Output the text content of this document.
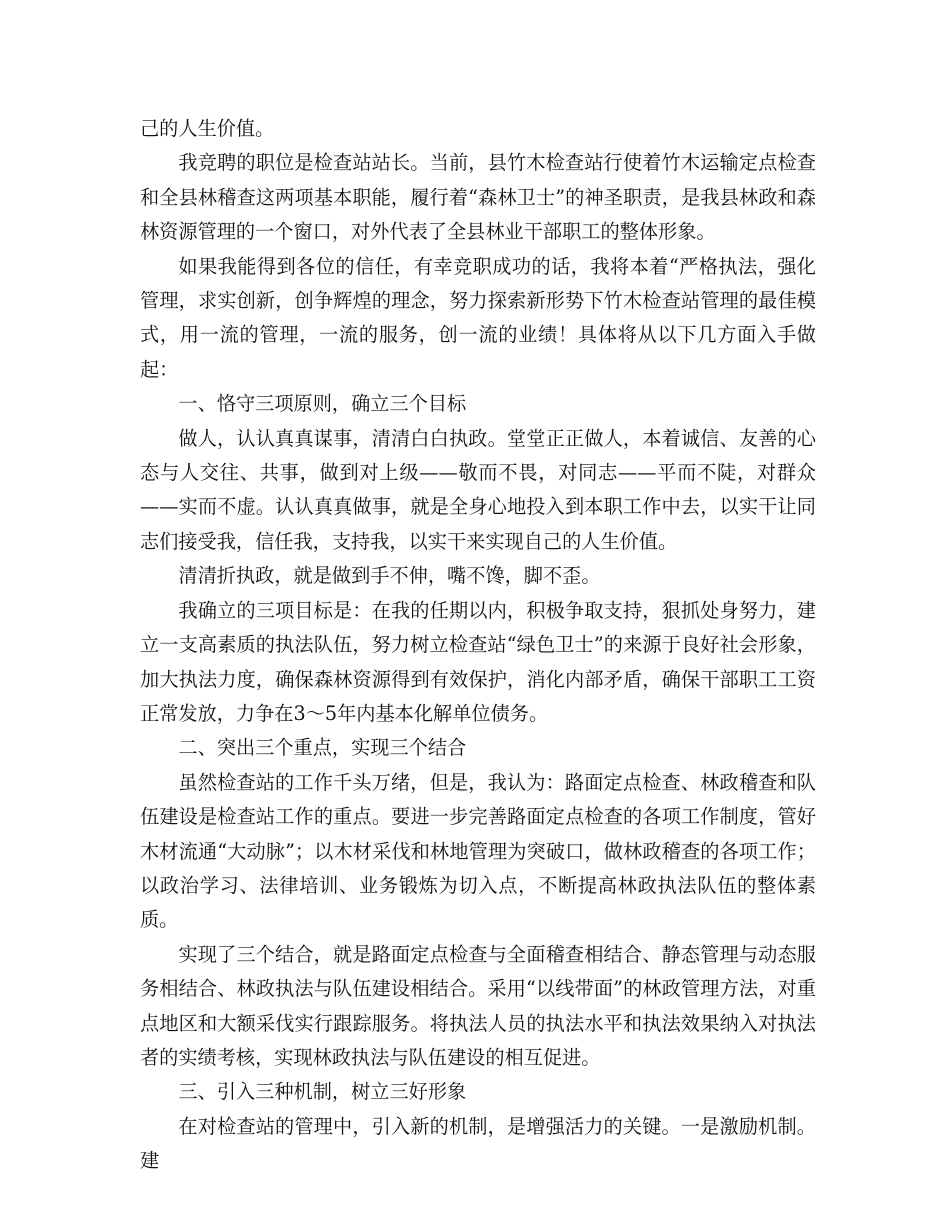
己的人生价值。

我竞聘的职位是检查站站长。当前，县竹木检查站行使着竹木运输定点检查和全县林稽查这两项基本职能，履行着“森林卫士”的神圣职责，是我县林政和森林资源管理的一个窗口，对外代表了全县林业干部职工的整体形象。

如果我能得到各位的信任，有幸竞职成功的话，我将本着“严格执法，强化管理，求实创新，创争辉煌的理念，努力探索新形势下竹木检查站管理的最佳模式，用一流的管理，一流的服务，创一流的业绩！具体将从以下几方面入手做起：

一、恪守三项原则，确立三个目标

做人，认认真真谋事，清清白白执政。堂堂正正做人，本着诚信、友善的心态与人交往、共事，做到对上级——敬而不畏，对同志——平而不陡，对群众——实而不虚。认认真真做事，就是全身心地投入到本职工作中去，以实干让同志们接受我，信任我，支持我，以实干来实现自己的人生价值。

清清折执政，就是做到手不伸，嘴不馋，脚不歪。

我确立的三项目标是：在我的任期以内，积极争取支持，狠抓处身努力，建立一支高素质的执法队伍，努力树立检查站“绿色卫士”的来源于良好社会形象，加大执法力度，确保森林资源得到有效保护，消化内部矛盾，确保干部职工工资正常发放，力争在3～5年内基本化解单位债务。

二、突出三个重点，实现三个结合

虽然检查站的工作千头万绪，但是，我认为：路面定点检查、林政稽查和队伍建设是检查站工作的重点。要进一步完善路面定点检查的各项工作制度，管好木材流通“大动脉”；以木材采伐和林地管理为突破口，做林政稽查的各项工作；以政治学习、法律培训、业务锻炼为切入点，不断提高林政执法队伍的整体素质。

实现了三个结合，就是路面定点检查与全面稽查相结合、静态管理与动态服务相结合、林政执法与队伍建设相结合。采用“以线带面”的林政管理方法，对重点地区和大额采伐实行跟踪服务。将执法人员的执法水平和执法效果纳入对执法者的实绩考核，实现林政执法与队伍建设的相互促进。

三、引入三种机制，树立三好形象

在对检查站的管理中，引入新的机制，是增强活力的关键。一是激励机制。建
